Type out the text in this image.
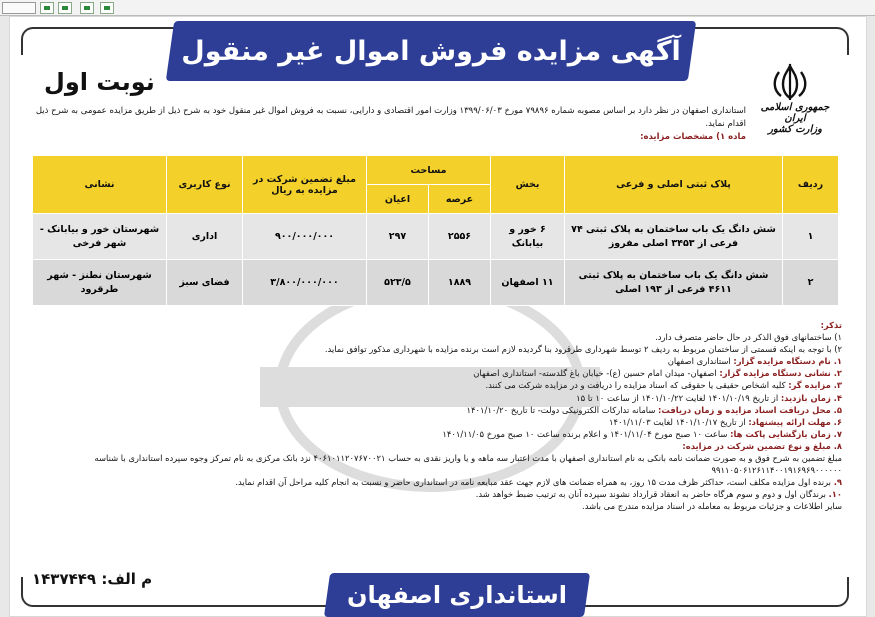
آگهی مزایده فروش اموال غیر منقول
نوبت اول
جمهوری اسلامی ایران
وزارت کشور
استانداری اصفهان در نظر دارد بر اساس مصوبه شماره ۷۹۸۹۶ مورخ ۱۳۹۹/۰۶/۰۳ وزارت امور اقتصادی و دارایی، نسبت به فروش اموال غیر منقول خود به شرح ذیل از طریق مزایده عمومی به شرح ذیل اقدام نماید.
ماده ۱) مشخصات مزایده:
ردیف	پلاک ثبتی اصلی و فرعی	بخش	مساحت		مبلغ تضمین شرکت در مزایده به ریال	نوع کاربری	نشانی
			عرصه	اعیان			
۱	شش دانگ یک باب ساختمان به پلاک ثبتی ۷۴ فرعی از ۳۴۵۳ اصلی مفروز	۶ خور و بیابانک	۲۵۵۶	۲۹۷	۹۰۰/۰۰۰/۰۰۰	اداری	شهرستان خور و بیابانک - شهر فرخی
۲	شش دانگ یک باب ساختمان به پلاک ثبتی ۴۶۱۱ فرعی از ۱۹۳ اصلی	۱۱ اصفهان	۱۸۸۹	۵۲۳/۵	۳/۸۰۰/۰۰۰/۰۰۰	فضای سبز	شهرستان نطنز - شهر طرقرود
تذکر:
۱) ساختمانهای فوق الذکر در حال حاضر متصرف دارد.
۲) با توجه به اینکه قسمتی از ساختمان مربوط به ردیف ۲ توسط شهرداری طرقرود بنا گردیده لازم است برنده مزایده با شهرداری مذکور توافق نماید.
۱. نام دستگاه مزایده گزار: استانداری اصفهان
۲. نشانی دستگاه مزایده گزار: اصفهان- میدان امام حسین (ع)- خیابان باغ گلدسته- استانداری اصفهان
۳. مزایده گر: کلیه اشخاص حقیقی یا حقوقی که اسناد مزایده را دریافت و در مزایده شرکت می کنند.
۴. زمان بازدید: از تاریخ ۱۴۰۱/۱۰/۱۹ لغایت ۱۴۰۱/۱۰/۲۲ از ساعت ۱۰ تا ۱۵
۵. محل دریافت اسناد مزایده و زمان دریافت: سامانه تدارکات الکترونیکی دولت- تا تاریخ ۱۴۰۱/۱۰/۲۰
۶. مهلت ارائه پیشنهاد: از تاریخ ۱۴۰۱/۱۰/۱۷ لغایت ۱۴۰۱/۱۱/۰۳
۷. زمان بازگشایی پاکت ها: ساعت ۱۰ صبح مورخ ۱۴۰۱/۱۱/۰۴ و اعلام برنده ساعت ۱۰ صبح مورخ ۱۴۰۱/۱۱/۰۵
۸. مبلغ و نوع تضمین شرکت در مزایده:
مبلغ تضمین به شرح فوق و به صورت ضمانت نامه بانکی به نام استانداری اصفهان با مدت اعتبار سه ماهه و یا واریز نقدی به حساب ۴۰۶۱۰۱۱۲۰۷۶۷۰۰۲۱ نزد بانک مرکزی به نام تمرکز وجوه سپرده استانداری با شناسه ۹۹۱۱۰۵۰۶۱۲۶۱۱۴۰۰۱۹۱۶۹۶۹۰۰۰۰۰۰
۹. برنده اول مزایده مکلف است، حداکثر ظرف مدت ۱۵ روز، به همراه ضمانت های لازم جهت عقد مبایعه نامه در استانداری حاضر و نسبت به انجام کلیه مراحل آن اقدام نماید.
۱۰. برندگان اول و دوم و سوم هرگاه حاضر به انعقاد قرارداد نشوند سپرده آنان به ترتیب ضبط خواهد شد.
سایر اطلاعات و جزئیات مربوط به معامله در اسناد مزایده مندرج می باشد.
م الف: ۱۴۳۷۴۴۹
استانداری اصفهان
